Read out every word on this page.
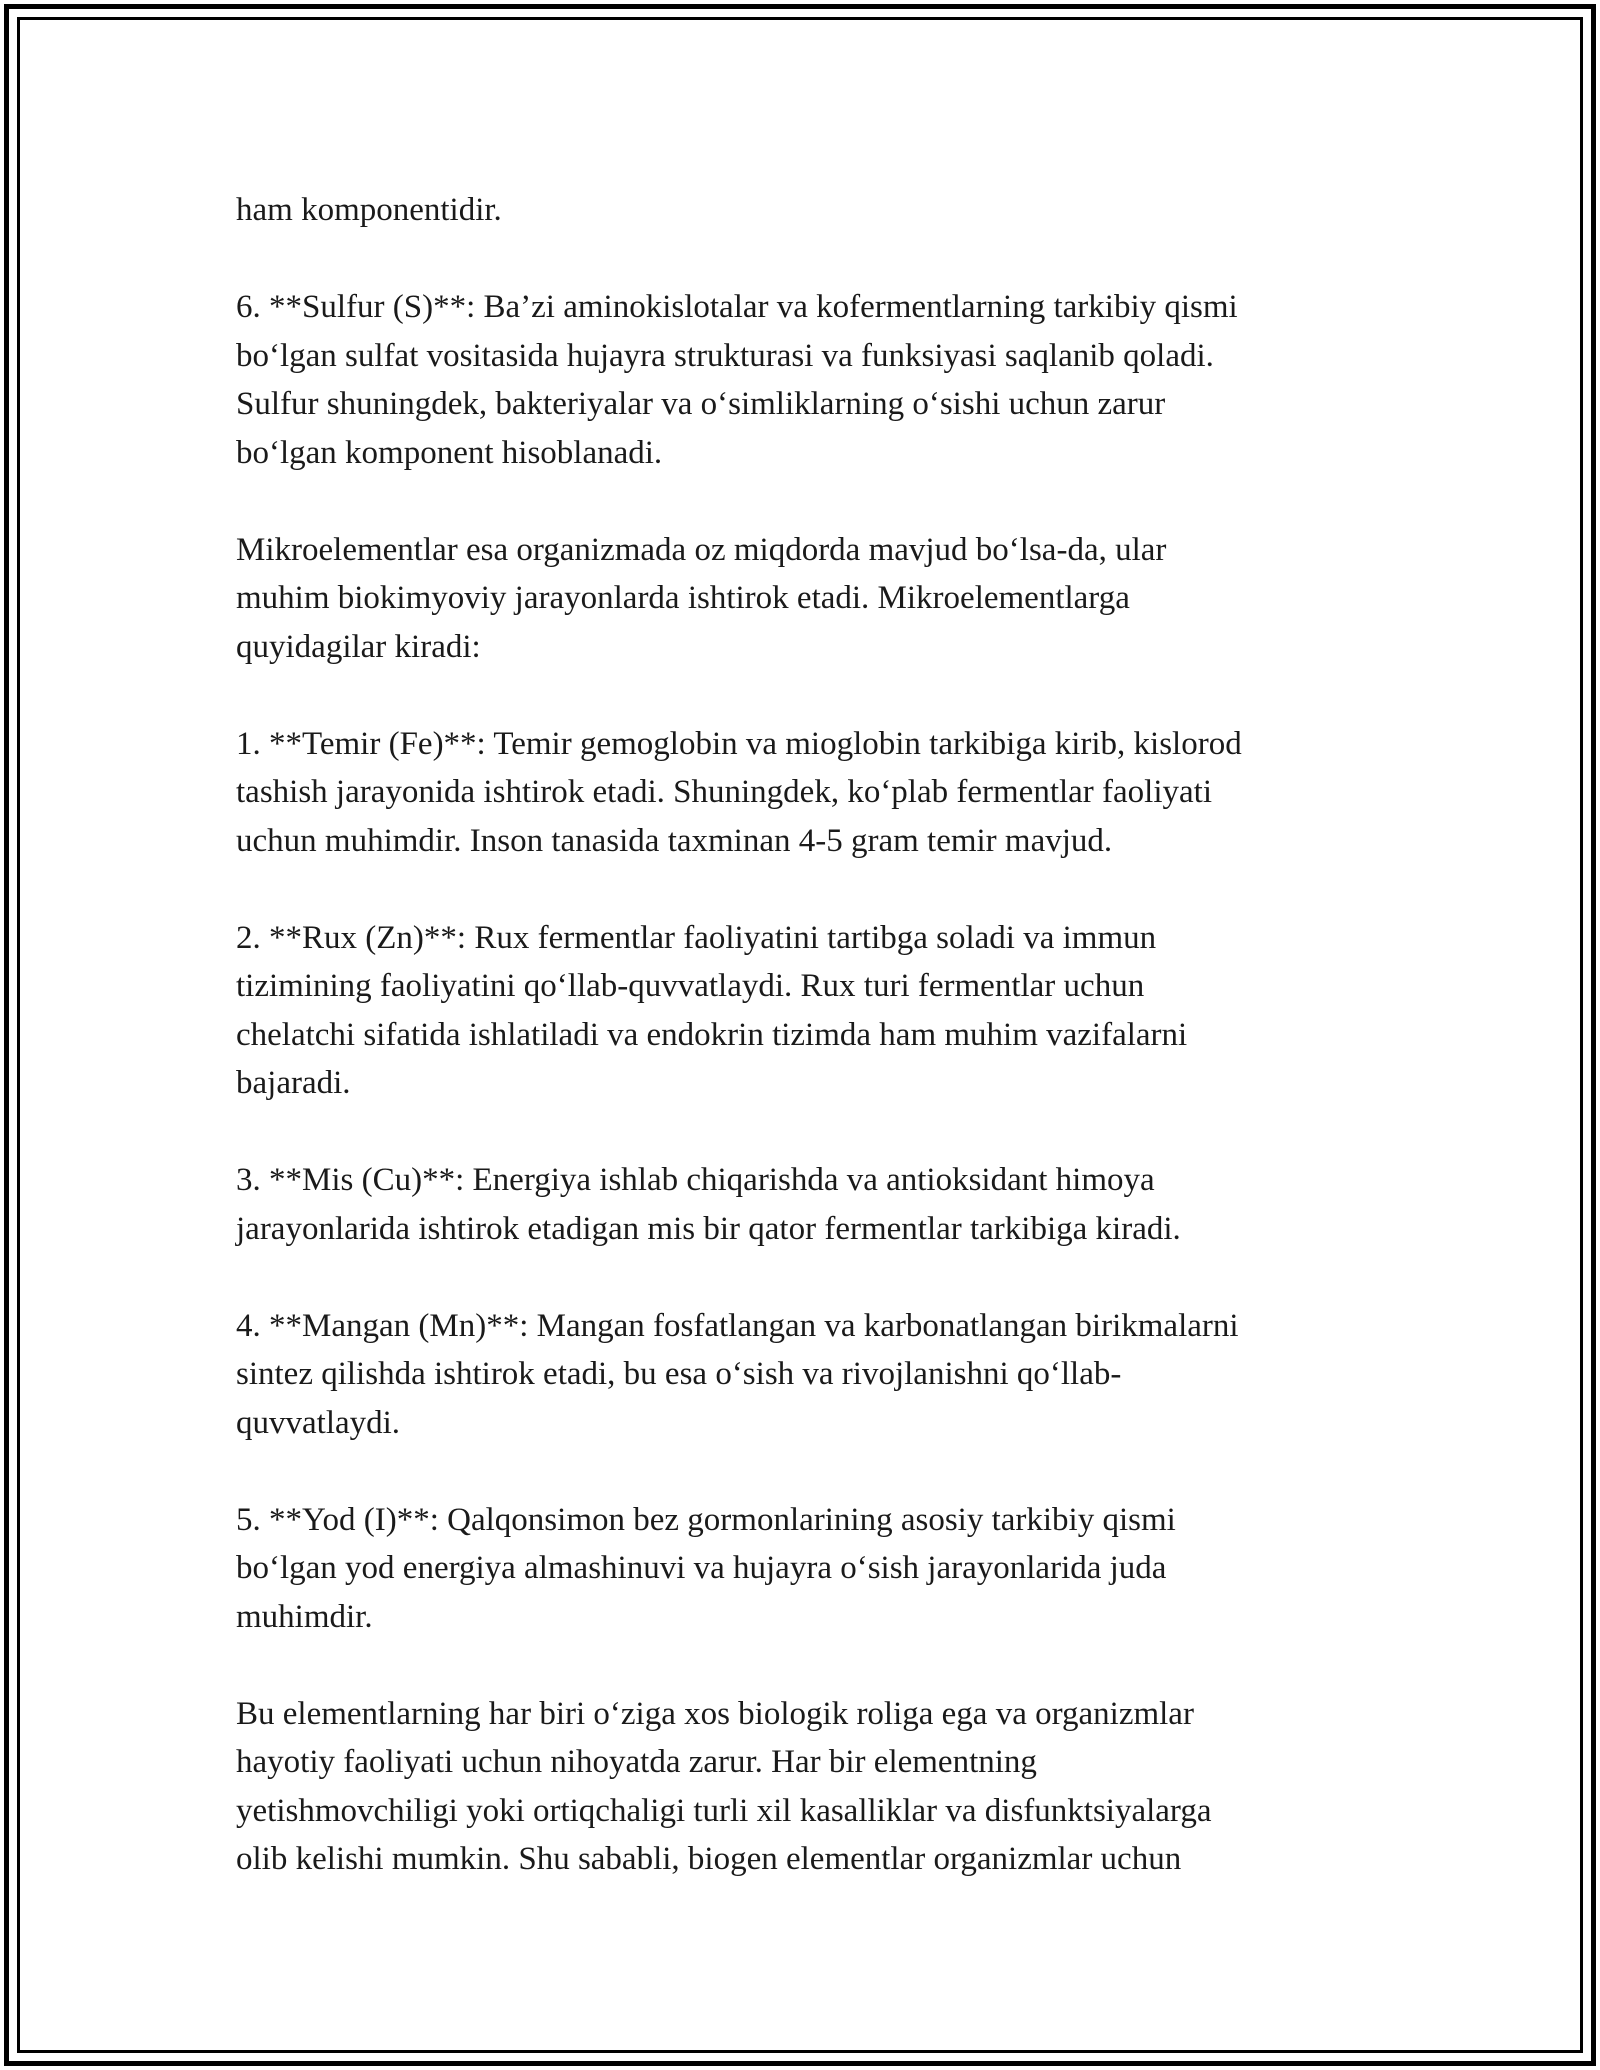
ham komponentidir.

6. **Sulfur (S)**: Ba’zi aminokislotalar va kofermentlarning tarkibiy qismi
bo‘lgan sulfat vositasida hujayra strukturasi va funksiyasi saqlanib qoladi.
Sulfur shuningdek, bakteriyalar va o‘simliklarning o‘sishi uchun zarur
bo‘lgan komponent hisoblanadi.

Mikroelementlar esa organizmada oz miqdorda mavjud bo‘lsa-da, ular
muhim biokimyoviy jarayonlarda ishtirok etadi. Mikroelementlarga
quyidagilar kiradi:

1. **Temir (Fe)**: Temir gemoglobin va mioglobin tarkibiga kirib, kislorod
tashish jarayonida ishtirok etadi. Shuningdek, ko‘plab fermentlar faoliyati
uchun muhimdir. Inson tanasida taxminan 4-5 gram temir mavjud.

2. **Rux (Zn)**: Rux fermentlar faoliyatini tartibga soladi va immun
tizimining faoliyatini qo‘llab-quvvatlaydi. Rux turi fermentlar uchun
chelatchi sifatida ishlatiladi va endokrin tizimda ham muhim vazifalarni
bajaradi.

3. **Mis (Cu)**: Energiya ishlab chiqarishda va antioksidant himoya
jarayonlarida ishtirok etadigan mis bir qator fermentlar tarkibiga kiradi.

4. **Mangan (Mn)**: Mangan fosfatlangan va karbonatlangan birikmalarni
sintez qilishda ishtirok etadi, bu esa o‘sish va rivojlanishni qo‘llab-
quvvatlaydi.

5. **Yod (I)**: Qalqonsimon bez gormonlarining asosiy tarkibiy qismi
bo‘lgan yod energiya almashinuvi va hujayra o‘sish jarayonlarida juda
muhimdir.

Bu elementlarning har biri o‘ziga xos biologik roliga ega va organizmlar
hayotiy faoliyati uchun nihoyatda zarur. Har bir elementning
yetishmovchiligi yoki ortiqchaligi turli xil kasalliklar va disfunktsiyalarga
olib kelishi mumkin. Shu sababli, biogen elementlar organizmlar uchun
